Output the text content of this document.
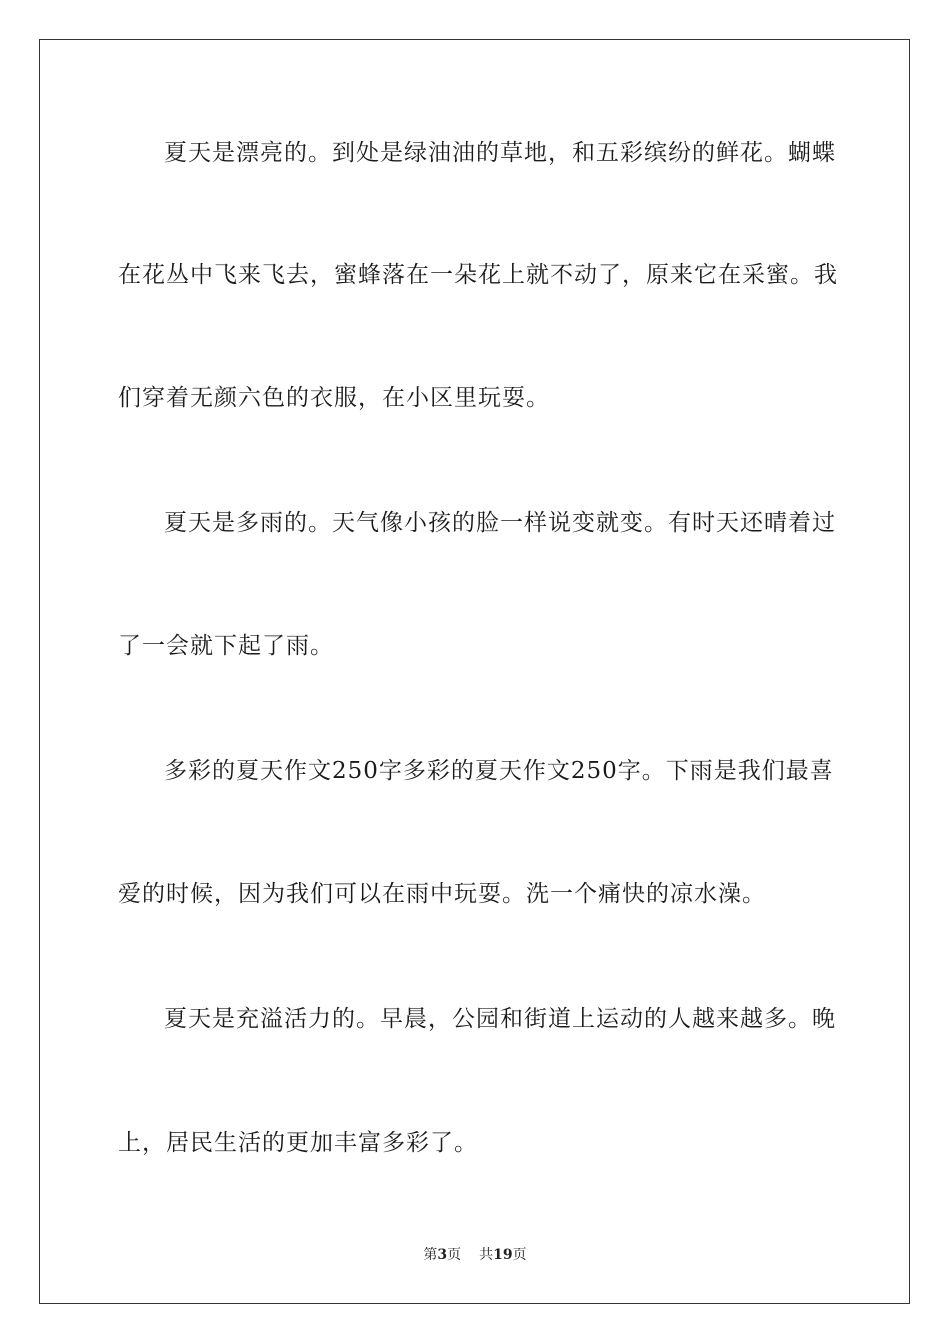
夏天是漂亮的。到处是绿油油的草地，和五彩缤纷的鲜花。蝴蝶
在花丛中飞来飞去，蜜蜂落在一朵花上就不动了，原来它在采蜜。我
们穿着无颜六色的衣服，在小区里玩耍。
夏天是多雨的。天气像小孩的脸一样说变就变。有时天还晴着过
了一会就下起了雨。
多彩的夏天作文250字多彩的夏天作文250字。下雨是我们最喜
爱的时候，因为我们可以在雨中玩耍。洗一个痛快的凉水澡。
夏天是充溢活力的。早晨，公园和街道上运动的人越来越多。晚
上，居民生活的更加丰富多彩了。
第3页 共19页
